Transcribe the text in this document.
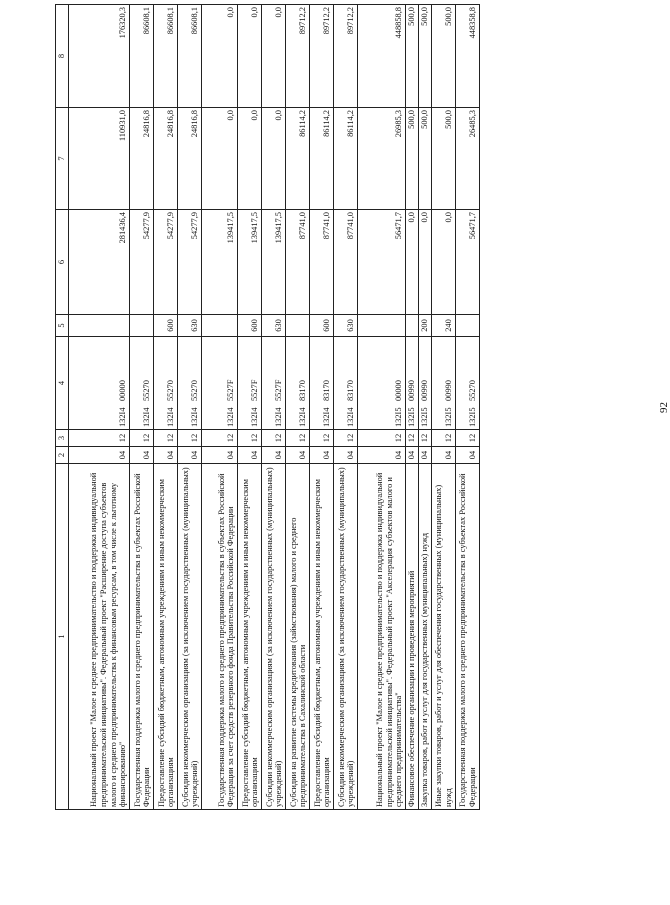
92
1	2	3	4	5	6	7	8
Национальный проект "Малое и среднее предпринимательство и поддержка индивидуальной предпринимательской инициативы". Федеральный проект "Расширение доступа субъектов малого и среднего предпринимательства к финансовым ресурсам, в том числе к льготному финансированию"	04	12	132I400000		281436,4	110931,0	176320,3
Государственная поддержка малого и среднего предпринимательства в субъектах Российской Федерации	04	12	132I455270		54277,9	24816,8	86608,1
Предоставление субсидий бюджетным, автономным учреждениям и иным некоммерческим организациям	04	12	132I455270	600	54277,9	24816,8	86608,1
Субсидии некоммерческим организациям (за исключением государственных (муниципальных) учреждений)	04	12	132I455270	630	54277,9	24816,8	86608,1
Государственная поддержка малого и среднего предпринимательства в субъектах Российской Федерации за счет средств резервного фонда Правительства Российской Федерации	04	12	132I45527F		139417,5	0,0	0,0
Предоставление субсидий бюджетным, автономным учреждениям и иным некоммерческим организациям	04	12	132I45527F	600	139417,5	0,0	0,0
Субсидии некоммерческим организациям (за исключением государственных (муниципальных) учреждений)	04	12	132I45527F	630	139417,5	0,0	0,0
Субсидии на развитие системы кредитования (займствования) малого и среднего предпринимательства в Сахалинской области	04	12	132I483170		87741,0	86114,2	89712,2
Предоставление субсидий бюджетным, автономным учреждениям и иным некоммерческим организациям	04	12	132I483170	600	87741,0	86114,2	89712,2
Субсидии некоммерческим организациям (за исключением государственных (муниципальных) учреждений)	04	12	132I483170	630	87741,0	86114,2	89712,2
Национальный проект "Малое и среднее предпринимательство и поддержка индивидуальной предпринимательской инициативы". Федеральный проект "Акселерация субъектов малого и среднего предпринимательства"	04	12	132I500000		56471,7	26985,3	448858,8
Финансовое обеспечение организации и проведения мероприятий	04	12	132I500990		0,0	500,0	500,0
Закупка товаров, работ и услуг для государственных (муниципальных) нужд	04	12	132I500990	200	0,0	500,0	500,0
Иные закупки товаров, работ и услуг для обеспечения государственных (муниципальных) нужд	04	12	132I500990	240	0,0	500,0	500,0
Государственная поддержка малого и среднего предпринимательства в субъектах Российской Федерации	04	12	132I555270		56471,7	26485,3	448358,8
